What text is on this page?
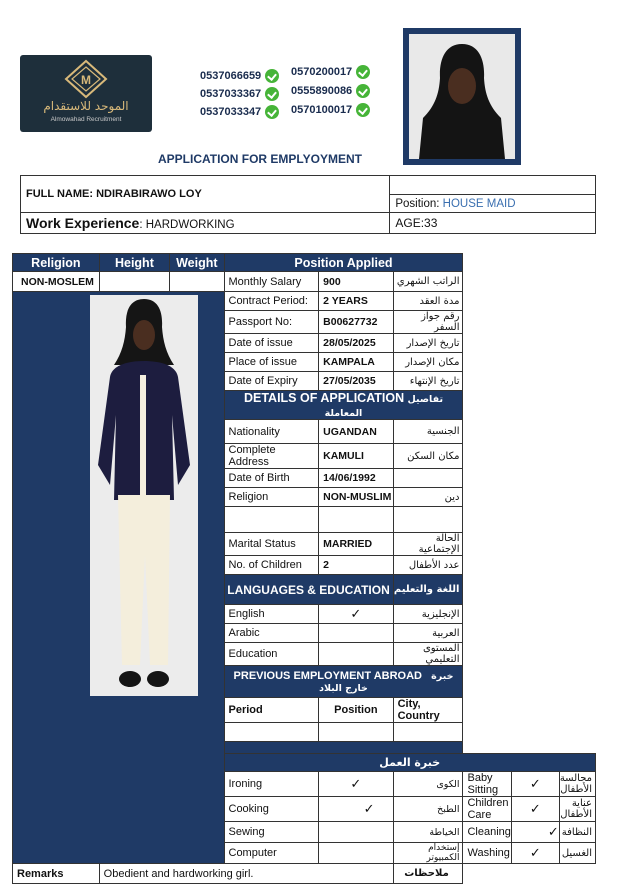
M
الموحد للاستقدام
Almowahad Recruitment
0537066659
0537033367
0537033347
0570200017
0555890086
0570100017
APPLICATION FOR EMPLYOYMENT
FULL NAME: NDIRABIRAWO LOY	
	Position: HOUSE MAID
Work Experience: HARDWORKING	AGE:33
Religion	Height	Weight	Position Applied					
NON-MOSLEM			Monthly Salary	900	الراتب الشهري			
			Contract Period:	2 YEARS	مدة العقد			
			Passport No:	B00627732	رقم جواز السفر			
			Date of issue	28/05/2025	تاريخ الإصدار			
			Place of issue	KAMPALA	مكان الإصدار			
			Date of Expiry	27/05/2035	تاريخ الإنتهاء			
			DETAILS OF APPLICATION تفاصيل المعاملة					
			Nationality	UGANDAN	الجنسية			
			Complete Address	KAMULI	مكان السكن			
			Date of Birth	14/06/1992				
			Religion	NON-MUSLIM	دين			

			Marital Status	MARRIED	الحالة الإجتماعية			
			No. of Children	2	عدد الأطفال			
			LANGUAGES & EDUCATION		اللغة والتعليم			
			English	✓	الإنجليزية			
			Arabic		العربية			
			Education		المستوى التعليمي			
			PREVIOUS EMPLOYMENT ABROAD خبرة خارج البلاد					
			Period	Position	City, Country			

			خبرة العمل					
			Ironing	✓	الكوى	Baby Sitting	✓	مجالسة الأطفال
			Cooking	✓	الطبخ	Children Care	✓	عناية الأطفال
			Sewing		الخياطة	Cleaning	✓	النظافة
			Computer		إستخدام الكمبيوتر	Washing	✓	الغسيل
Remarks	Obedient and hardworking girl.				ملاحظات			
